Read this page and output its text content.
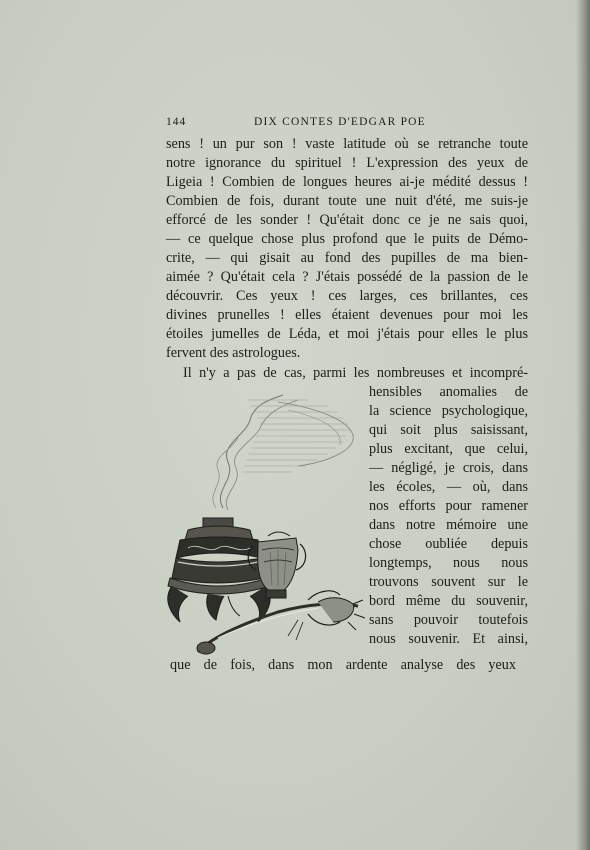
144	DIX CONTES D'EDGAR POE
sens ! un pur son ! vaste latitude où se retranche toute
notre ignorance du spirituel ! L'expression des yeux de
Ligeia ! Combien de longues heures ai-je médité dessus !
Combien de fois, durant toute une nuit d'été, me suis-je
efforcé de les sonder ! Qu'était donc ce je ne sais quoi,
— ce quelque chose plus profond que le puits de Démo-
crite, — qui gisait au fond des pupilles de ma bien-
aimée ? Qu'était cela ? J'étais possédé de la passion de le
découvrir. Ces yeux ! ces larges, ces brillantes, ces
divines prunelles ! elles étaient devenues pour moi les
étoiles jumelles de Léda, et moi j'étais pour elles le plus
fervent des astrologues.
Il n'y a pas de cas, parmi les nombreuses et incompré-
hensibles anomalies de
la science psychologique,
qui soit plus saisissant,
plus excitant, que celui,
— négligé, je crois, dans
les écoles, — où, dans
nos efforts pour ramener
dans notre mémoire une
chose oubliée depuis
longtemps, nous nous
trouvons souvent sur le
bord même du souvenir,
sans pouvoir toutefois
nous souvenir. Et ainsi,
que de fois, dans mon ardente analyse des yeux
